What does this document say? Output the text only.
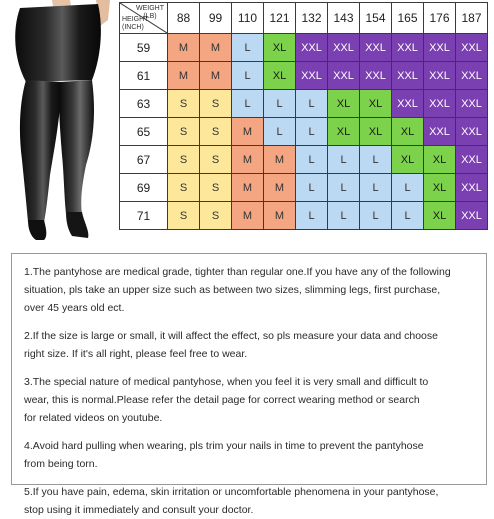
WEIGHT
(LB)
HEIGHT
(INCH)	88	99	110	121	132	143	154	165	176	187
59	M	M	L	XL	XXL	XXL	XXL	XXL	XXL	XXL
61	M	M	L	XL	XXL	XXL	XXL	XXL	XXL	XXL
63	S	S	L	L	L	XL	XL	XXL	XXL	XXL
65	S	S	M	L	L	XL	XL	XL	XXL	XXL
67	S	S	M	M	L	L	L	XL	XL	XXL
69	S	S	M	M	L	L	L	L	XL	XXL
71	S	S	M	M	L	L	L	L	XL	XXL
1.The pantyhose are medical grade, tighter than regular one.If you have any of the following
situation, pls take an upper size such as between two sizes, slimming legs, first purchase,
over 45 years old ect.
2.If the size is large or small, it will affect the effect, so pls measure your data and choose
right size. If it's all right, please feel free to wear.
3.The special nature of medical pantyhose, when you feel it is very small and difficult to
wear, this is normal.Please refer the detail page for correct wearing method or search
for related videos on youtube.
4.Avoid hard pulling when wearing, pls trim your nails in time to prevent the pantyhose
from being torn.
5.If you have pain, edema, skin irritation or uncomfortable phenomena in your pantyhose,
stop using it immediately and consult your doctor.
